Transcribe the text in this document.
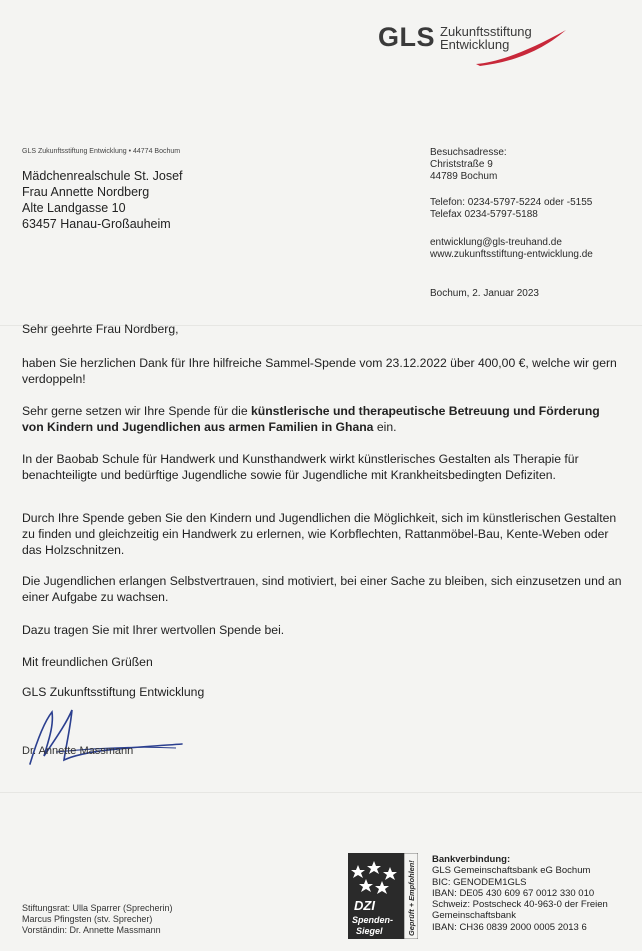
GLS Zukunftsstiftung
Entwicklung
GLS Zukunftsstiftung Entwicklung • 44774 Bochum
Mädchenrealschule St. Josef
Frau Annette Nordberg
Alte Landgasse 10
63457 Hanau-Großauheim
Besuchsadresse:
Christstraße 9
44789 Bochum
Telefon: 0234-5797-5224 oder -5155
Telefax 0234-5797-5188
entwicklung@gls-treuhand.de
www.zukunftsstiftung-entwicklung.de
Bochum, 2. Januar 2023

Sehr geehrte Frau Nordberg,

haben Sie herzlichen Dank für Ihre hilfreiche Sammel-Spende vom 23.12.2022 über 400,00 €, welche wir gern verdoppeln!

Sehr gerne setzen wir Ihre Spende für die künstlerische und therapeutische Betreuung und Förderung von Kindern und Jugendlichen aus armen Familien in Ghana ein.

In der Baobab Schule für Handwerk und Kunsthandwerk wirkt künstlerisches Gestalten als Therapie für benachteiligte und bedürftige Jugendliche sowie für Jugendliche mit Krankheitsbedingten Defiziten.

Durch Ihre Spende geben Sie den Kindern und Jugendlichen die Möglichkeit, sich im künstlerischen Gestalten zu finden und gleichzeitig ein Handwerk zu erlernen, wie Korbflechten, Rattanmöbel-Bau, Kente-Weben oder das Holzschnitzen.

Die Jugendlichen erlangen Selbstvertrauen, sind motiviert, bei einer Sache zu bleiben, sich einzusetzen und an einer Aufgabe zu wachsen.

Dazu tragen Sie mit Ihrer wertvollen Spende bei.

Mit freundlichen Grüßen

GLS Zukunftsstiftung Entwicklung

Dr. Annette Massmann
Stiftungsrat: Ulla Sparrer (Sprecherin)
Marcus Pfingsten (stv. Sprecher)
Vorständin: Dr. Annette Massmann
DZI
Spenden-
Siegel	Geprüft + Empfohlen!
Bankverbindung:
GLS Gemeinschaftsbank eG Bochum
BIC: GENODEM1GLS
IBAN: DE05 430 609 67 0012 330 010
Schweiz: Postscheck 40-963-0 der Freien
Gemeinschaftsbank
IBAN: CH36 0839 2000 0005 2013 6
